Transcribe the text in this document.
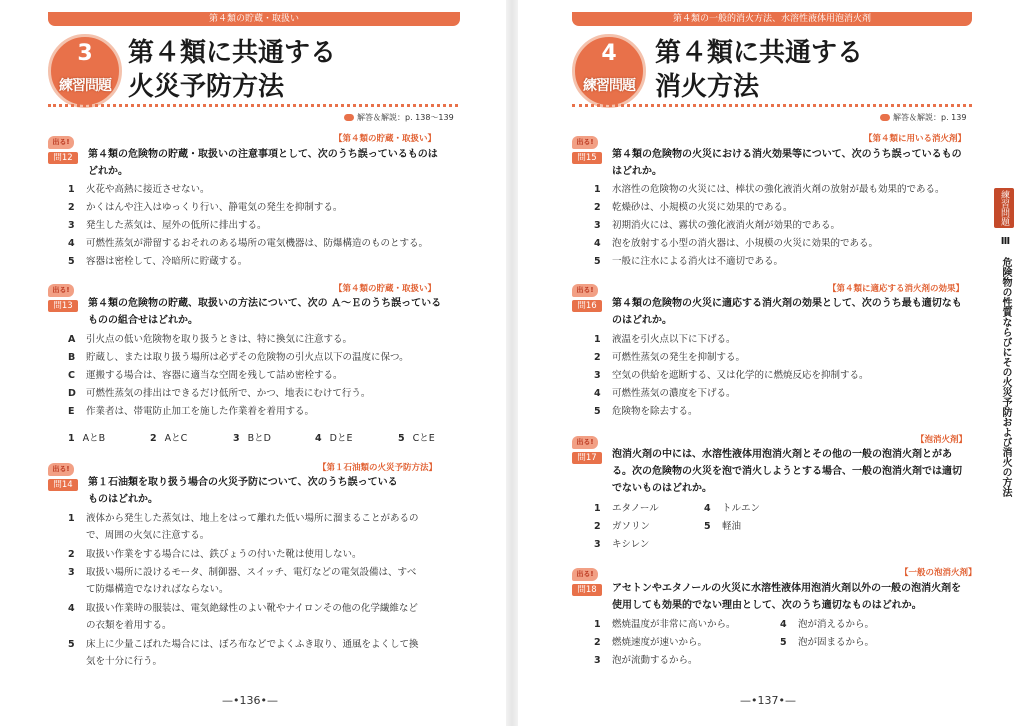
第４類の貯蔵・取扱い
3
練習問題
第４類に共通する
火災予防方法
解答＆解説：p. 138〜139
【第４類の貯蔵・取扱い】
出る!
問12	第４類の危険物の貯蔵・取扱いの注意事項として、次のうち誤っているものは
どれか。
1 火花や高熱に接近させない。
2 かくはんや注入はゆっくり行い、静電気の発生を抑制する。
3 発生した蒸気は、屋外の低所に排出する。
4 可燃性蒸気が滞留するおそれのある場所の電気機器は、防爆構造のものとする。
5 容器は密栓して、冷暗所に貯蔵する。
【第４類の貯蔵・取扱い】
出る!
問13	第４類の危険物の貯蔵、取扱いの方法について、次の Ａ〜Ｅのうち誤っている
ものの組合せはどれか。
A 引火点の低い危険物を取り扱うときは、特に換気に注意する。
B 貯蔵し、または取り扱う場所は必ずその危険物の引火点以下の温度に保つ。
C 運搬する場合は、容器に適当な空間を残して詰め密栓する。
D 可燃性蒸気の排出はできるだけ低所で、かつ、地表にむけて行う。
E 作業者は、帯電防止加工を施した作業着を着用する。
1 AとB	2 AとC	3 BとD	4 DとE	5 CとE
【第１石油類の火災予防方法】
出る!
問14	第１石油類を取り扱う場合の火災予防について、次のうち誤っている
ものはどれか。
1 液体から発生した蒸気は、地上をはって離れた低い場所に溜まることがあるの
で、周囲の火気に注意する。
2 取扱い作業をする場合には、鉄びょうの付いた靴は使用しない。
3 取扱い場所に設けるモータ、制御器、スイッチ、電灯などの電気設備は、すべ
て防爆構造でなければならない。
4 取扱い作業時の服装は、電気絶縁性のよい靴やナイロンその他の化学繊維など
の衣類を着用する。
5 床上に少量こぼれた場合には、ぼろ布などでよくふき取り、通風をよくして換
気を十分に行う。
—•136•—
第４類の一般的消火方法、水溶性液体用泡消火剤
4
練習問題
第４類に共通する
消火方法
解答＆解説：p. 139
【第４類に用いる消火剤】
出る!
問15	第４類の危険物の火災における消火効果等について、次のうち誤っているもの
はどれか。
1 水溶性の危険物の火災には、棒状の強化液消火剤の放射が最も効果的である。
2 乾燥砂は、小規模の火災に効果的である。
3 初期消火には、霧状の強化液消火剤が効果的である。
4 泡を放射する小型の消火器は、小規模の火災に効果的である。
5 一般に注水による消火は不適切である。
【第４類に適応する消火剤の効果】
出る!
問16	第４類の危険物の火災に適応する消火剤の効果として、次のうち最も適切なも
のはどれか。
1 液温を引火点以下に下げる。
2 可燃性蒸気の発生を抑制する。
3 空気の供給を遮断する、又は化学的に燃焼反応を抑制する。
4 可燃性蒸気の濃度を下げる。
5 危険物を除去する。
【泡消火剤】
出る!
問17	泡消火剤の中には、水溶性液体用泡消火剤とその他の一般の泡消火剤とがあ
る。次の危険物の火災を泡で消火しようとする場合、一般の泡消火剤では適切
でないものはどれか。
1 エタノール	4 トルエン
2 ガソリン	5 軽油
3 キシレン
【一般の泡消火剤】
出る!
問18	アセトンやエタノールの火災に水溶性液体用泡消火剤以外の一般の泡消火剤を
使用しても効果的でない理由として、次のうち適切なものはどれか。
1 燃焼温度が非常に高いから。	4 泡が消えるから。
2 燃焼速度が速いから。	5 泡が固まるから。
3 泡が流動するから。
—•137•—
練習問題
Ⅲ　危険物の性質ならびにその火災予防および消火の方法
